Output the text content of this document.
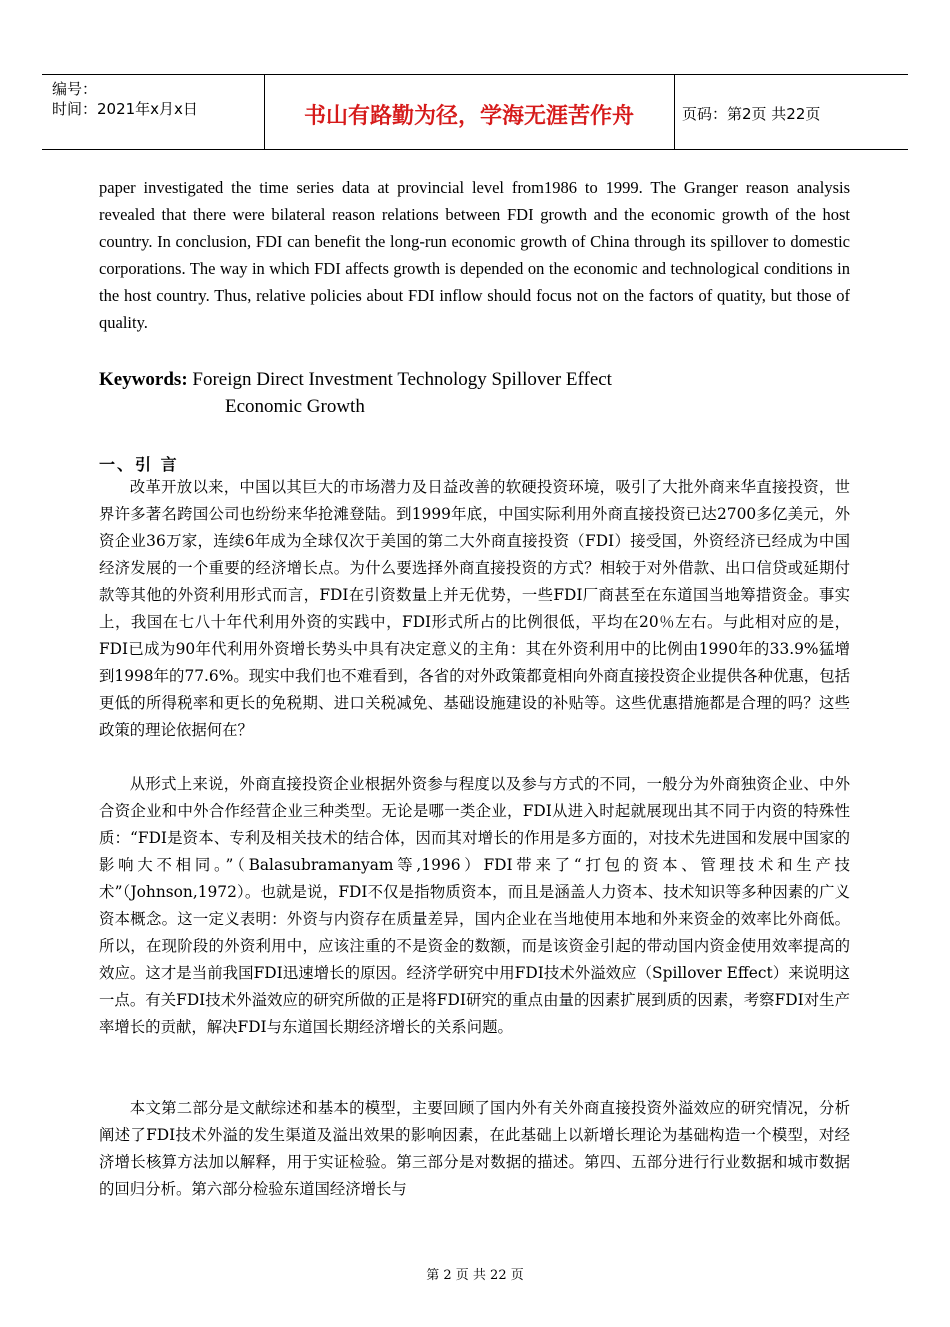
编号：
时间：2021年x月x日	书山有路勤为径，学海无涯苦作舟	页码：第2页 共22页

paper investigated the time series data at provincial level from1986 to 1999. The Granger reason analysis revealed that there were bilateral reason relations between FDI growth and the economic growth of the host country. In conclusion, FDI can benefit the long-run economic growth of China through its spillover to domestic corporations. The way in which FDI affects growth is depended on the economic and technological conditions in the host country. Thus, relative policies about FDI inflow should focus not on the factors of quatity, but those of quality.

Keywords: Foreign Direct Investment Technology Spillover Effect
Economic Growth
一、引 言

改革开放以来，中国以其巨大的市场潜力及日益改善的软硬投资环境，吸引了大批外商来华直接投资，世界许多著名跨国公司也纷纷来华抢滩登陆。到1999年底，中国实际利用外商直接投资已达2700多亿美元，外资企业36万家，连续6年成为全球仅次于美国的第二大外商直接投资（FDI）接受国，外资经济已经成为中国经济发展的一个重要的经济增长点。为什么要选择外商直接投资的方式？相较于对外借款、出口信贷或延期付款等其他的外资利用形式而言，FDI在引资数量上并无优势，一些FDI厂商甚至在东道国当地筹措资金。事实上，我国在七八十年代利用外资的实践中，FDI形式所占的比例很低，平均在20％左右。与此相对应的是，FDI已成为90年代利用外资增长势头中具有决定意义的主角：其在外资利用中的比例由1990年的33.9%猛增到1998年的77.6%。现实中我们也不难看到，各省的对外政策都竟相向外商直接投资企业提供各种优惠，包括更低的所得税率和更长的免税期、进口关税减免、基础设施建设的补贴等。这些优惠措施都是合理的吗？这些政策的理论依据何在？

从形式上来说，外商直接投资企业根据外资参与程度以及参与方式的不同，一般分为外商独资企业、中外合资企业和中外合作经营企业三种类型。无论是哪一类企业，FDI从进入时起就展现出其不同于内资的特殊性质：“FDI是资本、专利及相关技术的结合体，因而其对增长的作用是多方面的，对技术先进国和发展中国家的影响大不相同。”（Balasubramanyam等,1996）FDI带来了“打包的资本、管理技术和生产技术”（Johnson,1972）。也就是说，FDI不仅是指物质资本，而且是涵盖人力资本、技术知识等多种因素的广义资本概念。这一定义表明：外资与内资存在质量差异，国内企业在当地使用本地和外来资金的效率比外商低。所以，在现阶段的外资利用中，应该注重的不是资金的数额，而是该资金引起的带动国内资金使用效率提高的效应。这才是当前我国FDI迅速增长的原因。经济学研究中用FDI技术外溢效应（Spillover Effect）来说明这一点。有关FDI技术外溢效应的研究所做的正是将FDI研究的重点由量的因素扩展到质的因素，考察FDI对生产率增长的贡献，解决FDI与东道国长期经济增长的关系问题。

本文第二部分是文献综述和基本的模型，主要回顾了国内外有关外商直接投资外溢效应的研究情况，分析阐述了FDI技术外溢的发生渠道及溢出效果的影响因素，在此基础上以新增长理论为基础构造一个模型，对经济增长核算方法加以解释，用于实证检验。第三部分是对数据的描述。第四、五部分进行行业数据和城市数据的回归分析。第六部分检验东道国经济增长与

第 2 页 共 22 页
